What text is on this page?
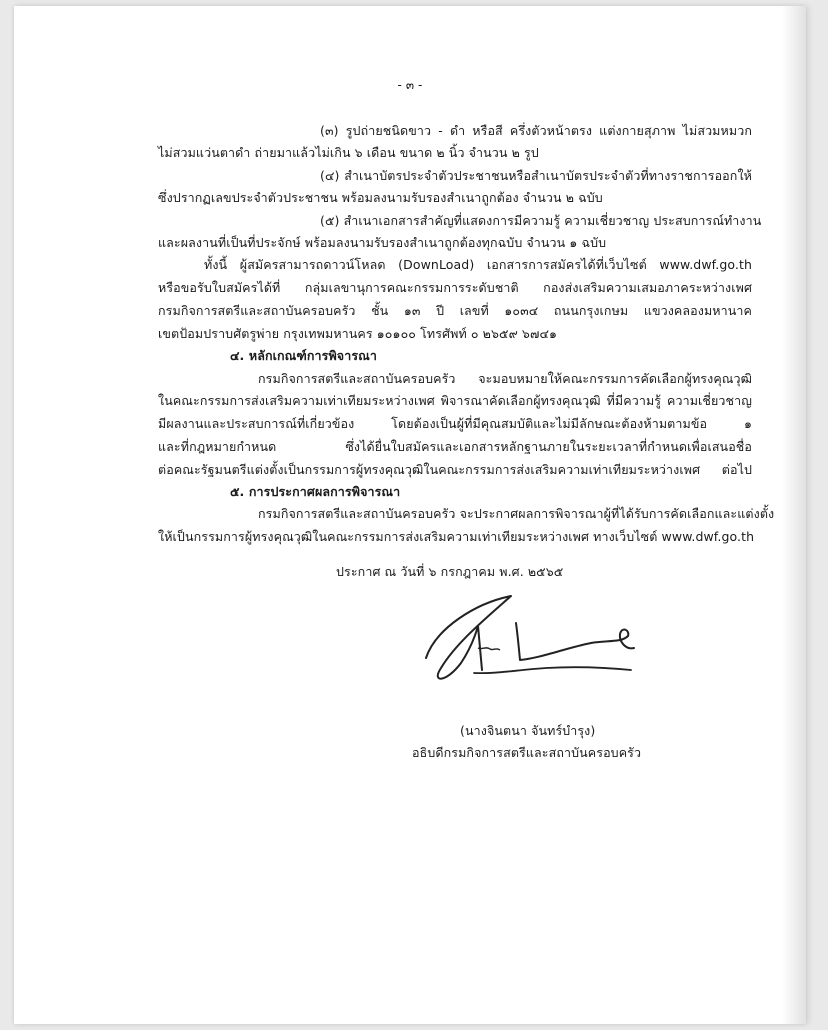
- ๓ -
(๓) รูปถ่ายชนิดขาว - ดำ หรือสี ครึ่งตัวหน้าตรง แต่งกายสุภาพ ไม่สวมหมวก
ไม่สวมแว่นตาดำ ถ่ายมาแล้วไม่เกิน ๖ เดือน ขนาด ๒ นิ้ว จำนวน ๒ รูป
(๔) สำเนาบัตรประจำตัวประชาชนหรือสำเนาบัตรประจำตัวที่ทางราชการออกให้
ซึ่งปรากฏเลขประจำตัวประชาชน พร้อมลงนามรับรองสำเนาถูกต้อง จำนวน ๒ ฉบับ
(๕) สำเนาเอกสารสำคัญที่แสดงการมีความรู้ ความเชี่ยวชาญ ประสบการณ์ทำงาน
และผลงานที่เป็นที่ประจักษ์ พร้อมลงนามรับรองสำเนาถูกต้องทุกฉบับ จำนวน ๑ ฉบับ
ทั้งนี้ ผู้สมัครสามารถดาวน์โหลด (DownLoad) เอกสารการสมัครได้ที่เว็บไซต์ www.dwf.go.th
หรือขอรับใบสมัครได้ที่ กลุ่มเลขานุการคณะกรรมการระดับชาติ กองส่งเสริมความเสมอภาคระหว่างเพศ
กรมกิจการสตรีและสถาบันครอบครัว ชั้น ๑๓ ปี เลขที่ ๑๐๓๔ ถนนกรุงเกษม แขวงคลองมหานาค
เขตป้อมปราบศัตรูพ่าย กรุงเทพมหานคร ๑๐๑๐๐ โทรศัพท์ ๐ ๒๖๕๙ ๖๗๔๑
๔. หลักเกณฑ์การพิจารณา
กรมกิจการสตรีและสถาบันครอบครัว จะมอบหมายให้คณะกรรมการคัดเลือกผู้ทรงคุณวุฒิ
ในคณะกรรมการส่งเสริมความเท่าเทียมระหว่างเพศ พิจารณาคัดเลือกผู้ทรงคุณวุฒิ ที่มีความรู้ ความเชี่ยวชาญ
มีผลงานและประสบการณ์ที่เกี่ยวข้อง โดยต้องเป็นผู้ที่มีคุณสมบัติและไม่มีลักษณะต้องห้ามตามข้อ ๑
และที่กฎหมายกำหนด ซึ่งได้ยื่นใบสมัครและเอกสารหลักฐานภายในระยะเวลาที่กำหนดเพื่อเสนอชื่อ
ต่อคณะรัฐมนตรีแต่งตั้งเป็นกรรมการผู้ทรงคุณวุฒิในคณะกรรมการส่งเสริมความเท่าเทียมระหว่างเพศ ต่อไป
๕. การประกาศผลการพิจารณา
กรมกิจการสตรีและสถาบันครอบครัว จะประกาศผลการพิจารณาผู้ที่ได้รับการคัดเลือกและแต่งตั้ง
ให้เป็นกรรมการผู้ทรงคุณวุฒิในคณะกรรมการส่งเสริมความเท่าเทียมระหว่างเพศ ทางเว็บไซต์ www.dwf.go.th
ประกาศ ณ วันที่ ๖ กรกฎาคม พ.ศ. ๒๕๖๕
(นางจินตนา จันทร์บำรุง)
อธิบดีกรมกิจการสตรีและสถาบันครอบครัว
